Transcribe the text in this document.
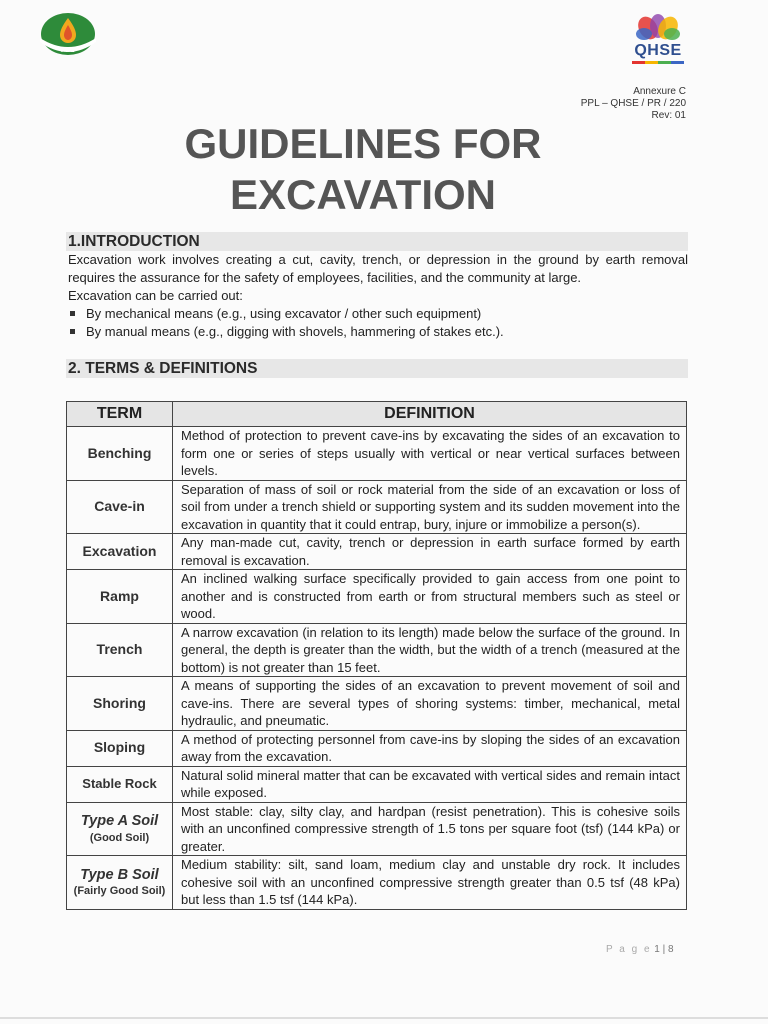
PPL	QHSE
Annexure C
PPL – QHSE / PR / 220
Rev: 01
GUIDELINES FOR
EXCAVATION
1.INTRODUCTION

Excavation work involves creating a cut, cavity, trench, or depression in the ground by earth removal requires the assurance for the safety of employees, facilities, and the community at large.

Excavation can be carried out:

By mechanical means (e.g., using excavator / other such equipment)
By manual means (e.g., digging with shovels, hammering of stakes etc.).
2. TERMS & DEFINITIONS
TERM	DEFINITION
Benching	Method of protection to prevent cave-ins by excavating the sides of an excavation to form one or series of steps usually with vertical or near vertical surfaces between levels.
Cave-in	Separation of mass of soil or rock material from the side of an excavation or loss of soil from under a trench shield or supporting system and its sudden movement into the excavation in quantity that it could entrap, bury, injure or immobilize a person(s).
Excavation	Any man-made cut, cavity, trench or depression in earth surface formed by earth removal is excavation.
Ramp	An inclined walking surface specifically provided to gain access from one point to another and is constructed from earth or from structural members such as steel or wood.
Trench	A narrow excavation (in relation to its length) made below the surface of the ground. In general, the depth is greater than the width, but the width of a trench (measured at the bottom) is not greater than 15 feet.
Shoring	A means of supporting the sides of an excavation to prevent movement of soil and cave-ins. There are several types of shoring systems: timber, mechanical, metal hydraulic, and pneumatic.
Sloping	A method of protecting personnel from cave-ins by sloping the sides of an excavation away from the excavation.
Stable Rock	Natural solid mineral matter that can be excavated with vertical sides and remain intact while exposed.
Type A Soil
(Good Soil)	Most stable: clay, silty clay, and hardpan (resist penetration). This is cohesive soils with an unconfined compressive strength of 1.5 tons per square foot (tsf) (144 kPa) or greater.
Type B Soil
(Fairly Good Soil)	Medium stability: silt, sand loam, medium clay and unstable dry rock. It includes cohesive soil with an unconfined compressive strength greater than 0.5 tsf (48 kPa) but less than 1.5 tsf (144 kPa).
P a g e 1 | 8
